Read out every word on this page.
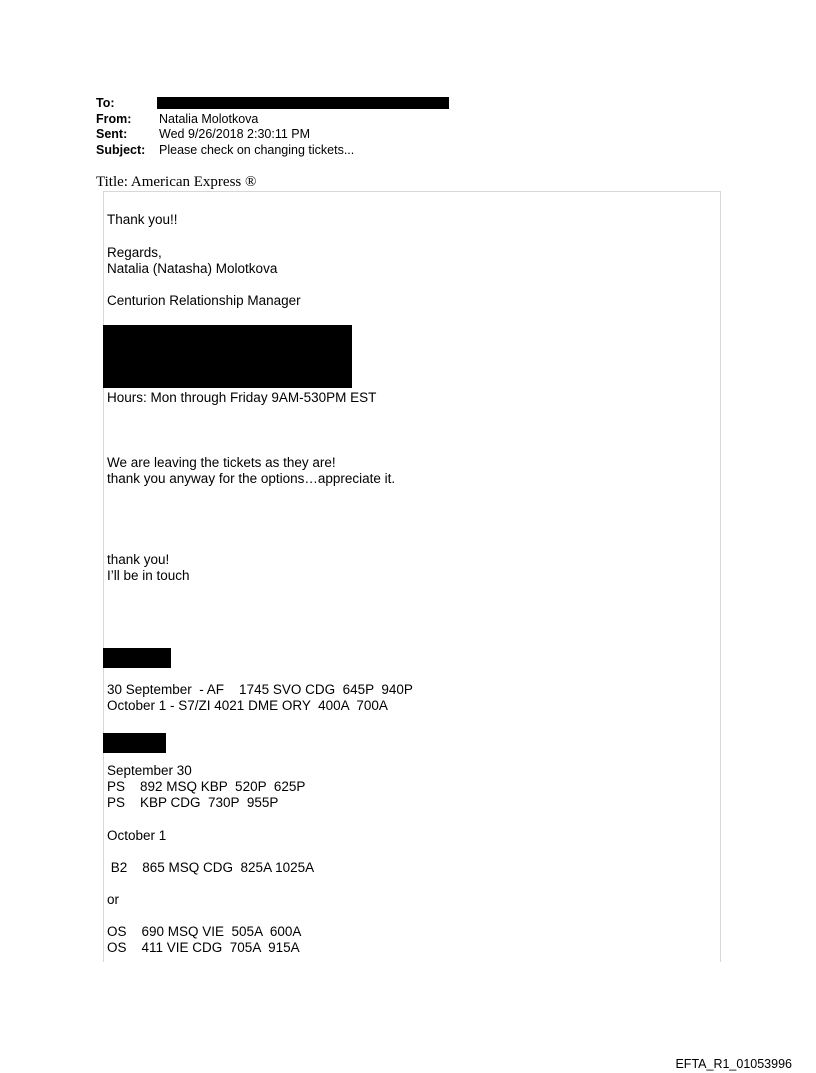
To:
From:	Natalia Molotkova
Sent:	Wed 9/26/2018 2:30:11 PM
Subject:	Please check on changing tickets...
Title: American Express ®
Thank you!!
Regards,
Natalia (Natasha) Molotkova
Centurion Relationship Manager
Hours: Mon through Friday 9AM-530PM EST
We are leaving the tickets as they are!
thank you anyway for the options…appreciate it.
thank you!
I’ll be in touch
30 September  - AF    1745 SVO CDG  645P  940P
October 1 - S7/ZI 4021 DME ORY  400A  700A
September 30
PS    892 MSQ KBP  520P  625P
PS    KBP CDG  730P  955P
October 1
B2    865 MSQ CDG  825A 1025A
or
OS    690 MSQ VIE  505A  600A
OS    411 VIE CDG  705A  915A
EFTA_R1_01053996
